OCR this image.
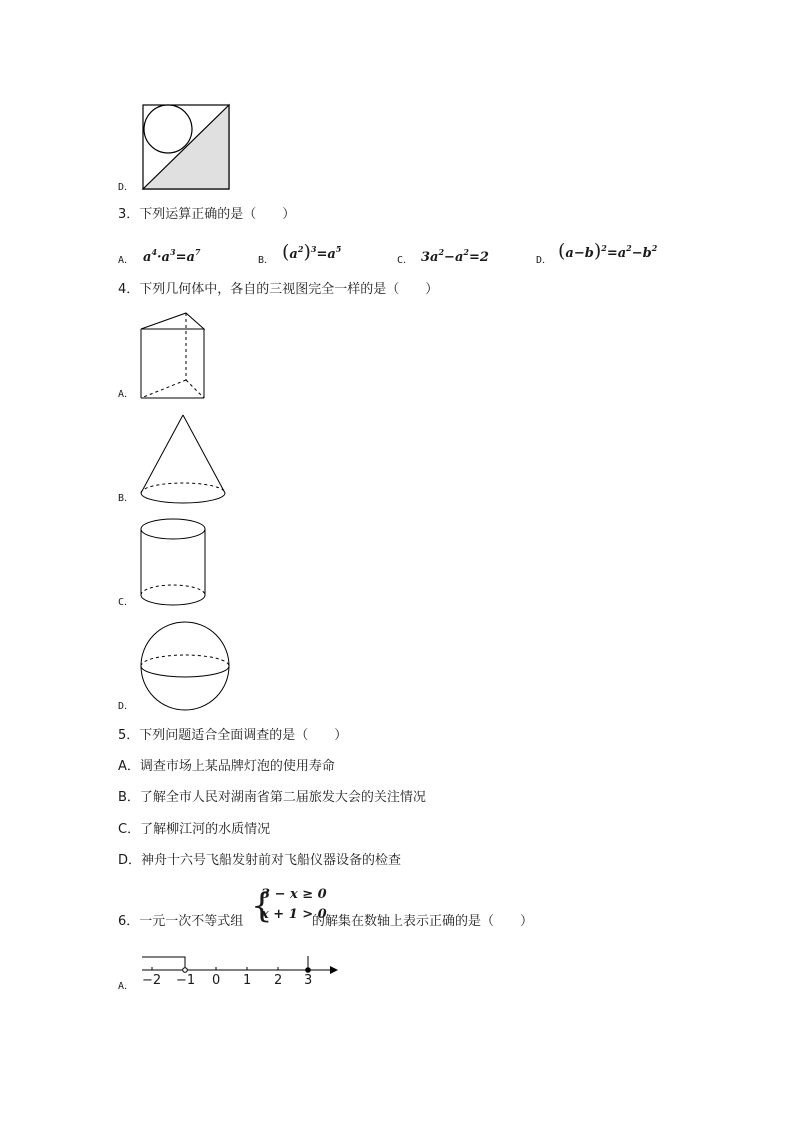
D．
3．下列运算正确的是（　　）
A． $a^4\cdot a^3=a^7$
B． $(a^2)^3=a^5$
C． $3a^2-a^2=2$	D． $(a-b)^2=a^2-b^2$
4．下列几何体中，各自的三视图完全一样的是（　　）
A．
B．
C．
D．
5．下列问题适合全面调查的是（　　）
A．调查市场上某品牌灯泡的使用寿命
B．了解全市人民对湖南省第二届旅发大会的关注情况
C．了解柳江河的水质情况
D．神舟十六号飞船发射前对飞船仪器设备的检查
6．一元一次不等式组 {
3 − x ≥ 0
x + 1 > 0
的解集在数轴上表示正确的是（　　）
−2 −1 0 1 2 3
A．
